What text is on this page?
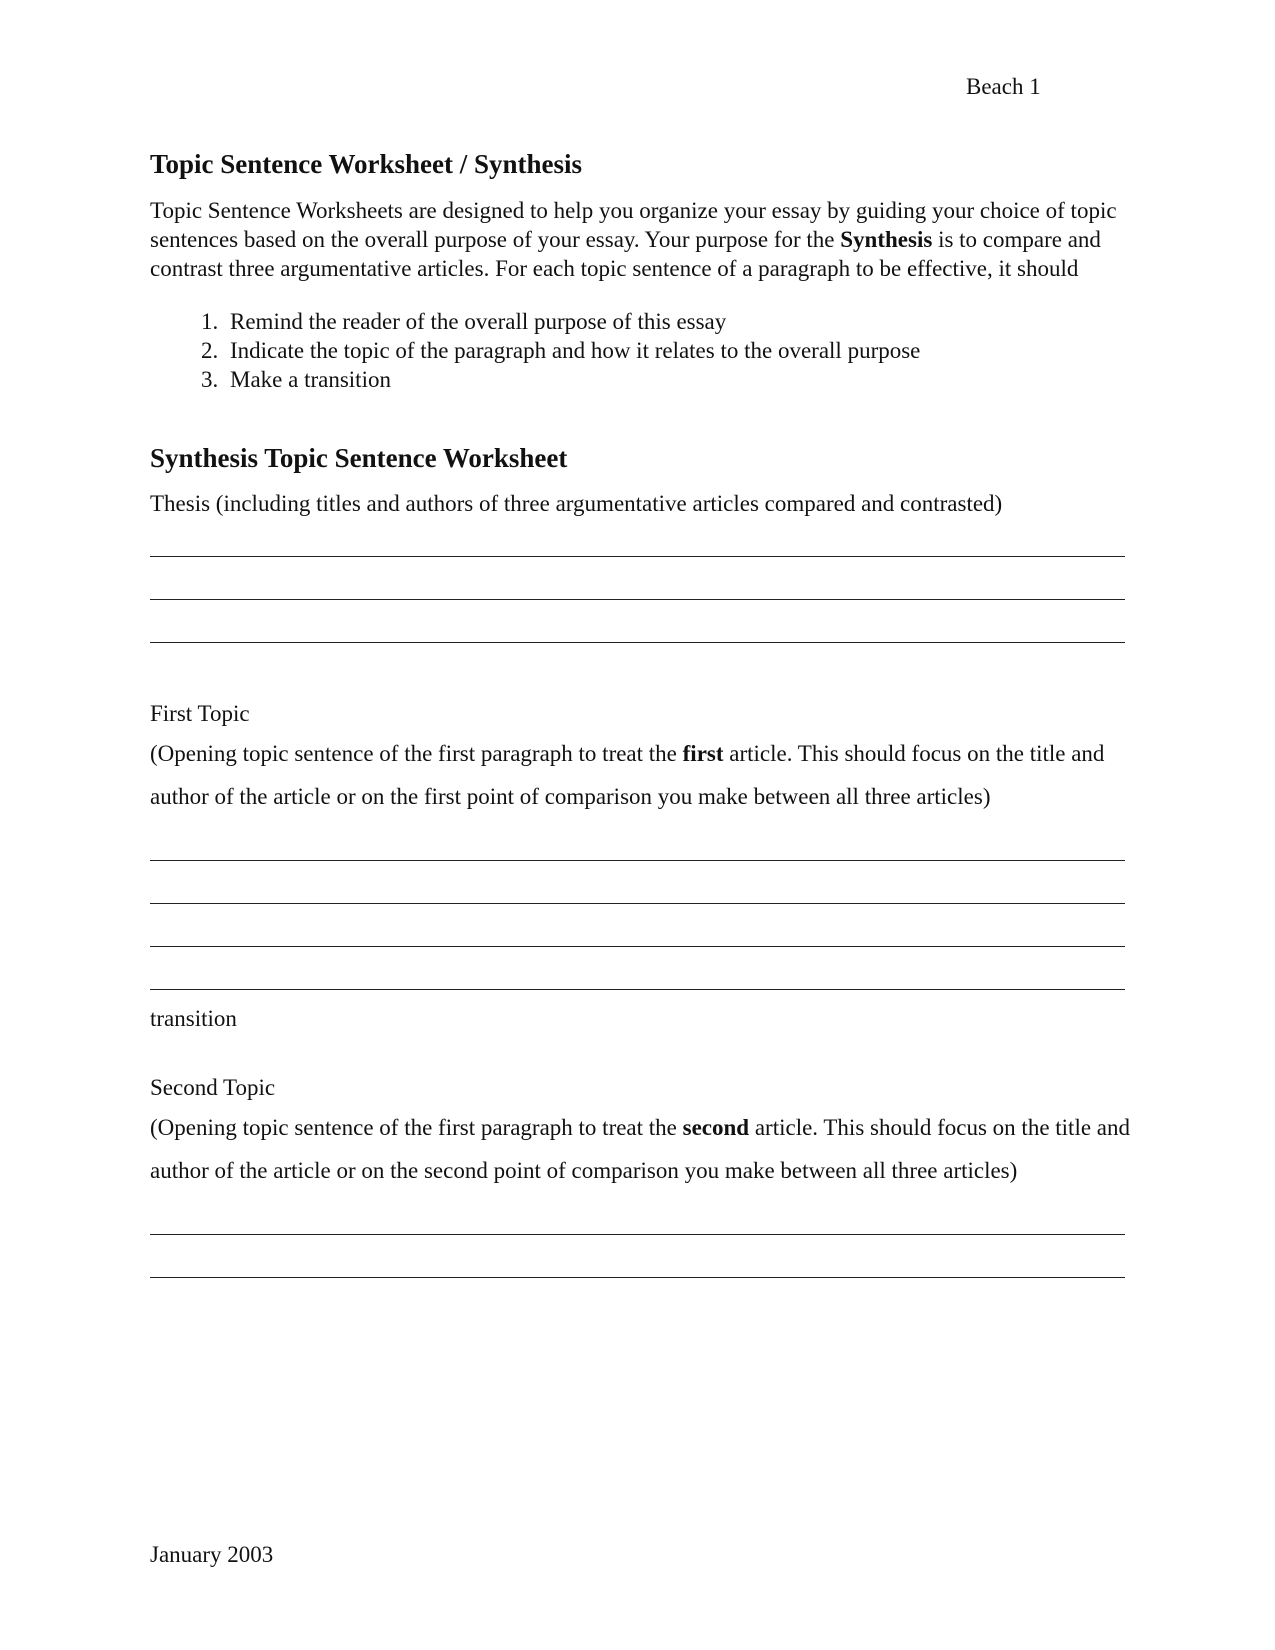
Beach 1
Topic Sentence Worksheet / Synthesis

Topic Sentence Worksheets are designed to help you organize your essay by guiding your choice of topic sentences based on the overall purpose of your essay. Your purpose for the Synthesis is to compare and contrast three argumentative articles. For each topic sentence of a paragraph to be effective, it should

1. Remind the reader of the overall purpose of this essay
2. Indicate the topic of the paragraph and how it relates to the overall purpose
3. Make a transition
Synthesis Topic Sentence Worksheet

Thesis (including titles and authors of three argumentative articles compared and contrasted)

First Topic

(Opening topic sentence of the first paragraph to treat the first article. This should focus on the title and author of the article or on the first point of comparison you make between all three articles)

transition

Second Topic

(Opening topic sentence of the first paragraph to treat the second article. This should focus on the title and author of the article or on the second point of comparison you make between all three articles)

January 2003
